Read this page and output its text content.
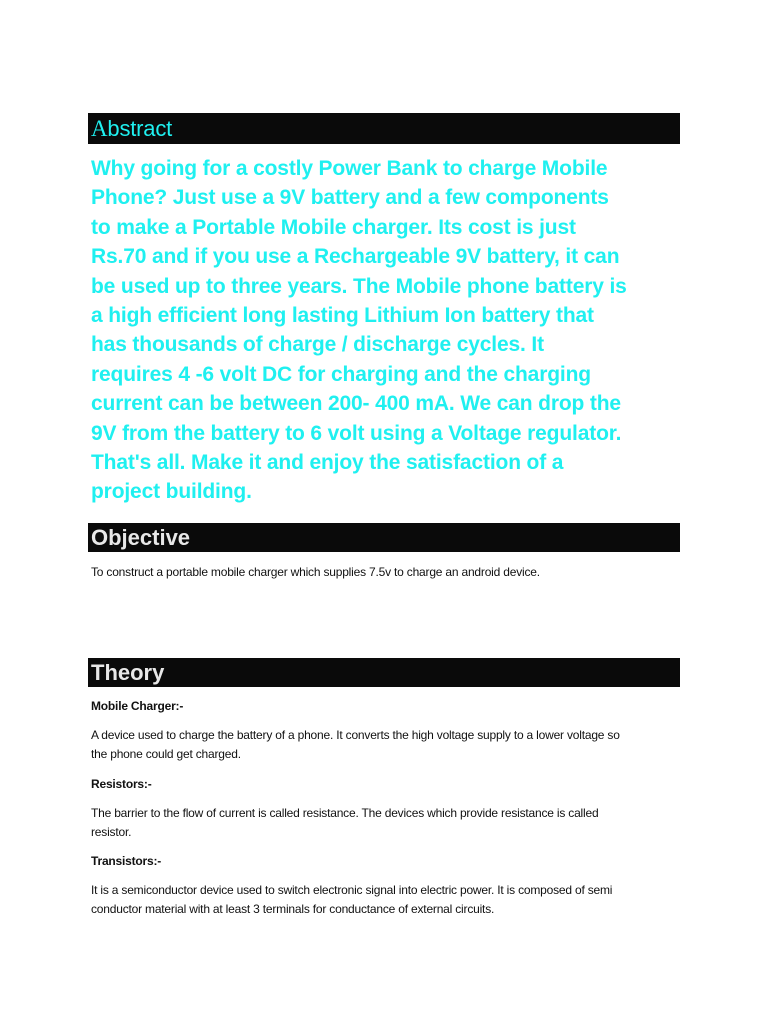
A bstract
Why going for a costly Power Bank to charge Mobile
Phone? Just use a 9V battery and a few components
to make a Portable Mobile charger. Its cost is just
Rs.70 and if you use a Rechargeable 9V battery, it can
be used up to three years. The Mobile phone battery is
a high efficient long lasting Lithium Ion battery that
has thousands of charge / discharge cycles. It
requires 4 -6 volt DC for charging and the charging
current can be between 200- 400 mA. We can drop the
9V from the battery to 6 volt using a Voltage regulator.
That's all. Make it and enjoy the satisfaction of a
project building.
Objective
To construct a portable mobile charger which supplies 7.5v to charge an android device.
Theory
Mobile Charger:-
A device used to charge the battery of a phone. It converts the high voltage supply to a lower voltage so
the phone could get charged.
Resistors:-
The barrier to the flow of current is called resistance. The devices which provide resistance is called
resistor.
Transistors:-
It is a semiconductor device used to switch electronic signal into electric power. It is composed of semi
conductor material with at least 3 terminals for conductance of external circuits.
